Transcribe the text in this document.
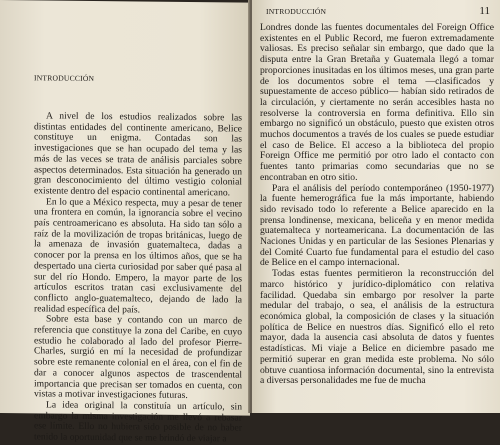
INTRODUCCIÓN

A nivel de los estudios realizados sobre las distintas entidades del continente americano, Belice constituye un enigma. Contadas son las investigaciones que se han ocupado del tema y las más de las veces se trata de análisis parciales sobre aspectos determinados. Esta situación ha generado un gran desconocimiento del último vestigio colonial existente dentro del espacio continental americano.

En lo que a México respecta, muy a pesar de tener una frontera en común, la ignorancia sobre el vecino país centroamericano es absoluta. Ha sido tan sólo a raíz de la movilización de tropas británicas, luego de la amenaza de invasión guatemalteca, dadas a conocer por la prensa en los últimos años, que se ha despertado una cierta curiosidad por saber qué pasa al sur del río Hondo. Empero, la mayor parte de los artículos escritos tratan casi exclusivamente del conflicto anglo-guatemalteco, dejando de lado la realidad específica del país.

Sobre esta base y contando con un marco de referencia que constituye la zona del Caribe, en cuyo estudio he colaborado al lado del profesor Pierre-Charles, surgió en mí la necesidad de profundizar sobre este remanente colonial en el área, con el fin de dar a conocer algunos aspectos de trascendental importancia que precisan ser tomados en cuenta, con vistas a motivar investigaciones futuras.

La idea original la constituía un artículo, sin embargo la misma investigación me llevó a rebasar ese límite. Ello no hubiera sido posible de no haber tenido la oportunidad que se me brindó de viajar a

INTRODUCCIÓN	11

Londres donde las fuentes documentales del Foreign Office existentes en el Public Record, me fueron extremadamente valiosas. Es preciso señalar sin embargo, que dado que la disputa entre la Gran Bretaña y Guatemala llegó a tomar proporciones inusitadas en los últimos meses, una gran parte de los documentos sobre el tema —clasificados y supuestamente de acceso público— habían sido retirados de la circulación, y ciertamente no serán accesibles hasta no resolverse la controversia en forma definitiva. Ello sin embargo no significó un obstáculo, puesto que existen otros muchos documentos a través de los cuales se puede estudiar el caso de Belice. El acceso a la biblioteca del propio Foreign Office me permitió por otro lado el contacto con fuentes tanto primarias como secundarias que no se encontraban en otro sitio.

Para el análisis del período contemporáneo (1950-1977) la fuente hemerográfica fue la más importante, habiendo sido revisado todo lo referente a Belice aparecido en la prensa londinense, mexicana, beliceña y en menor medida guatemalteca y norteamericana. La documentación de las Naciones Unidas y en particular de las Sesiones Plenarias y del Comité Cuarto fue fundamental para el estudio del caso de Belice en el campo internacional.

Todas estas fuentes permitieron la reconstrucción del marco histórico y jurídico-diplomático con relativa facilidad. Quedaba sin embargo por resolver la parte medular del trabajo, o sea, el análisis de la estructura económica global, la composición de clases y la situación política de Belice en nuestros días. Significó ello el reto mayor, dada la ausencia casi absoluta de datos y fuentes estadísticas. Mi viaje a Belice en diciembre pasado me permitió superar en gran medida este problema. No sólo obtuve cuantiosa información documental, sino la entrevista a diversas personalidades me fue de mucha
